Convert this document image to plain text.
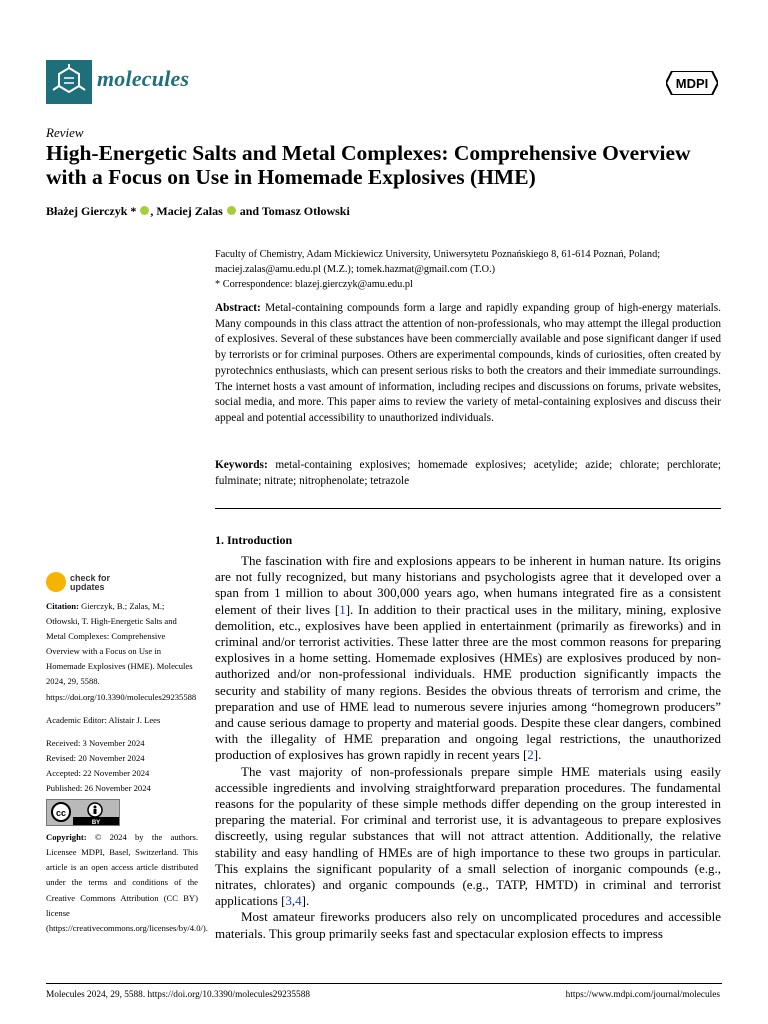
molecules	MDPI
Review
High-Energetic Salts and Metal Complexes: Comprehensive Overview with a Focus on Use in Homemade Explosives (HME)
Błażej Gierczyk * , Maciej Zalas and Tomasz Otłowski
Faculty of Chemistry, Adam Mickiewicz University, Uniwersytetu Poznańskiego 8, 61-614 Poznań, Poland;
maciej.zalas@amu.edu.pl (M.Z.); tomek.hazmat@gmail.com (T.O.)
* Correspondence: blazej.gierczyk@amu.edu.pl

Abstract: Metal-containing compounds form a large and rapidly expanding group of high-energy materials. Many compounds in this class attract the attention of non-professionals, who may attempt the illegal production of explosives. Several of these substances have been commercially available and pose significant danger if used by terrorists or for criminal purposes. Others are experimental compounds, kinds of curiosities, often created by pyrotechnics enthusiasts, which can present serious risks to both the creators and their immediate surroundings. The internet hosts a vast amount of information, including recipes and discussions on forums, private websites, social media, and more. This paper aims to review the variety of metal-containing explosives and discuss their appeal and potential accessibility to unauthorized individuals.

Keywords: metal-containing explosives; homemade explosives; acetylide; azide; chlorate; perchlorate; fulminate; nitrate; nitrophenolate; tetrazole

1. Introduction

The fascination with fire and explosions appears to be inherent in human nature. Its origins are not fully recognized, but many historians and psychologists agree that it developed over a span from 1 million to about 300,000 years ago, when humans integrated fire as a consistent element of their lives [1]. In addition to their practical uses in the military, mining, explosive demolition, etc., explosives have been applied in entertainment (primarily as fireworks) and in criminal and/or terrorist activities. These latter three are the most common reasons for preparing explosives in a home setting. Homemade explosives (HMEs) are explosives produced by non-authorized and/or non-professional individuals. HME production significantly impacts the security and stability of many regions. Besides the obvious threats of terrorism and crime, the preparation and use of HME lead to numerous severe injuries among “homegrown producers” and cause serious damage to property and material goods. Despite these clear dangers, combined with the illegality of HME preparation and ongoing legal restrictions, the unauthorized production of explosives has grown rapidly in recent years [2].

The vast majority of non-professionals prepare simple HME materials using easily accessible ingredients and involving straightforward preparation procedures. The fundamental reasons for the popularity of these simple methods differ depending on the group interested in preparing the material. For criminal and terrorist use, it is advantageous to prepare explosives discreetly, using regular substances that will not attract attention. Additionally, the relative stability and easy handling of HMEs are of high importance to these two groups in particular. This explains the significant popularity of a small selection of inorganic compounds (e.g., nitrates, chlorates) and organic compounds (e.g., TATP, HMTD) in criminal and terrorist applications [3,4].

Most amateur fireworks producers also rely on uncomplicated procedures and accessible materials. This group primarily seeks fast and spectacular explosion effects to impress

check for updates

Citation: Gierczyk, B.; Zalas, M.; Otłowski, T. High-Energetic Salts and Metal Complexes: Comprehensive Overview with a Focus on Use in Homemade Explosives (HME). Molecules 2024, 29, 5588. https://doi.org/10.3390/molecules29235588

Academic Editor: Alistair J. Lees

Received: 3 November 2024

Revised: 20 November 2024

Accepted: 22 November 2024

Published: 26 November 2024

cc
BY

Copyright: © 2024 by the authors. Licensee MDPI, Basel, Switzerland. This article is an open access article distributed under the terms and conditions of the Creative Commons Attribution (CC BY) license (https://creativecommons.org/licenses/by/4.0/).

Molecules 2024, 29, 5588. https://doi.org/10.3390/molecules29235588	https://www.mdpi.com/journal/molecules
